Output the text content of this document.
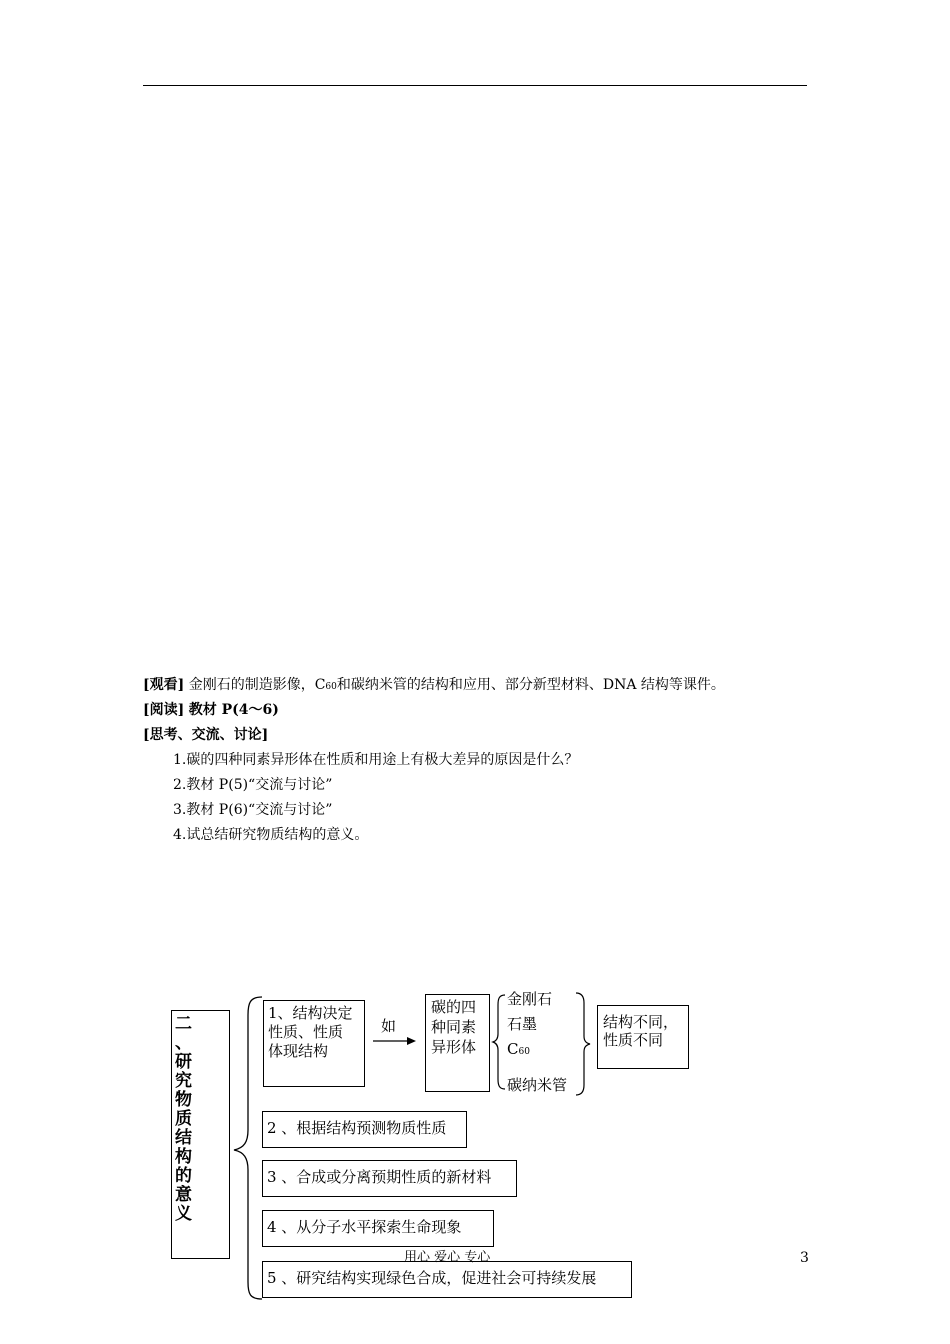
[观看] 金刚石的制造影像，C60和碳纳米管的结构和应用、部分新型材料、DNA 结构等课件。
[阅读] 教材 P(4～6)
[思考、交流、讨论]
1.碳的四种同素异形体在性质和用途上有极大差异的原因是什么？
2.教材 P(5)“交流与讨论”
3.教材 P(6)“交流与讨论”
4.试总结研究物质结构的意义。
二
、
研
究
物
质
结
构
的
意
义
1、结构决定
性质、性质
体现结构
如
碳的四
种同素
异形体
金刚石
石墨
C60
碳纳米管
结构不同，
性质不同
2 、根据结构预测物质性质
3 、合成或分离预期性质的新材料
4 、从分子水平探索生命现象
5 、研究结构实现绿色合成，促进社会可持续发展
用心 爱心 专心	3
